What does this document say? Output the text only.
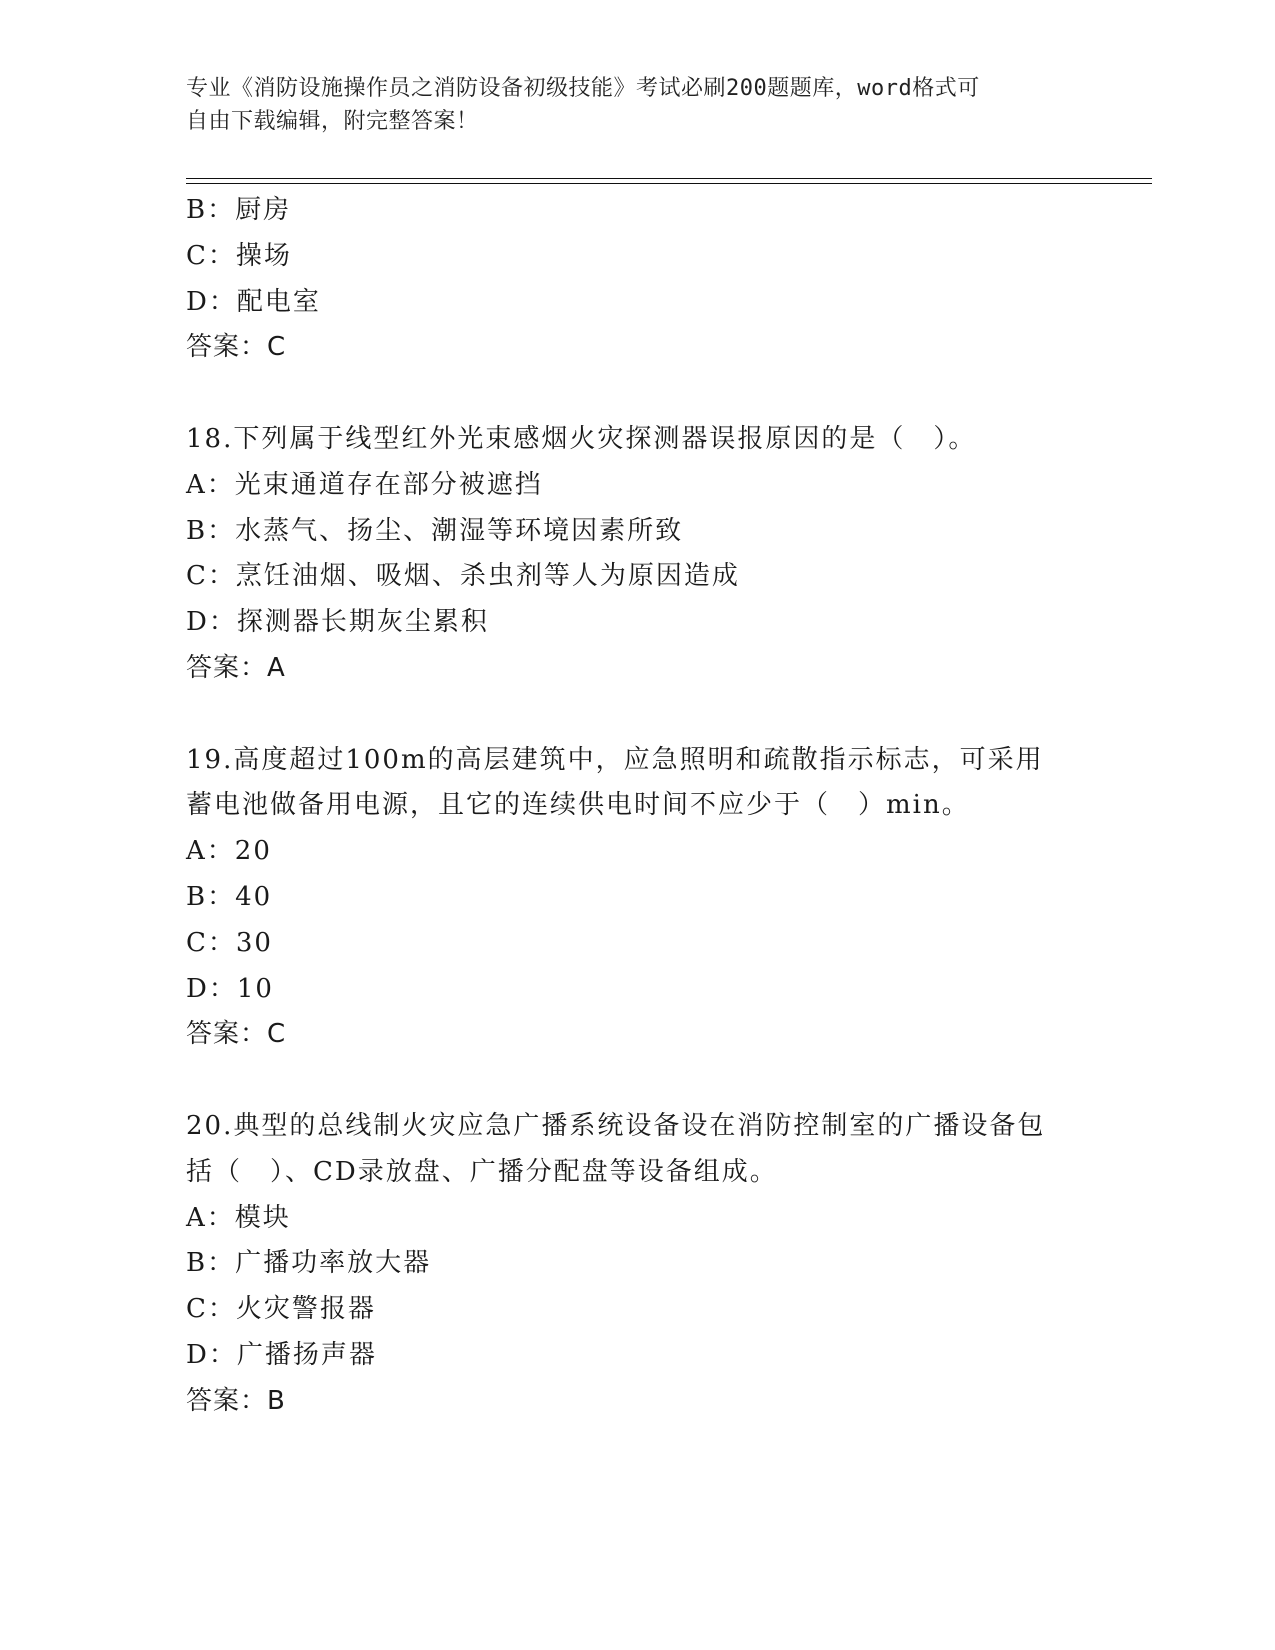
专业《消防设施操作员之消防设备初级技能》考试必刷200题题库，word格式可
自由下载编辑，附完整答案！
B：厨房
C：操场
D：配电室
答案：C
18.下列属于线型红外光束感烟火灾探测器误报原因的是（　）。
A：光束通道存在部分被遮挡
B：水蒸气、扬尘、潮湿等环境因素所致
C：烹饪油烟、吸烟、杀虫剂等人为原因造成
D：探测器长期灰尘累积
答案：A
19.高度超过100m的高层建筑中，应急照明和疏散指示标志，可采用
蓄电池做备用电源，且它的连续供电时间不应少于（　）min。
A：20
B：40
C：30
D：10
答案：C
20.典型的总线制火灾应急广播系统设备设在消防控制室的广播设备包
括（　）、CD录放盘、广播分配盘等设备组成。
A：模块
B：广播功率放大器
C：火灾警报器
D：广播扬声器
答案：B
